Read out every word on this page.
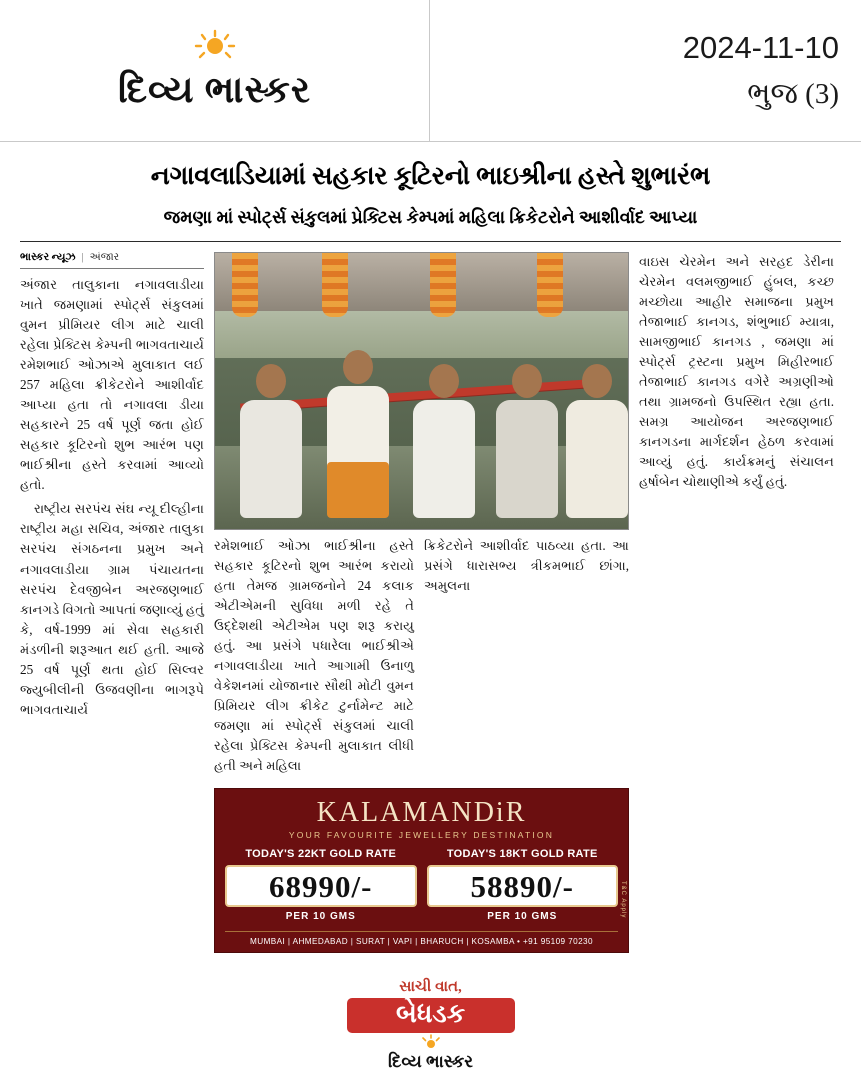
દિવ્ય ભાસ્કર
2024-11-10
ભુજ (3)
નગાવલાડિયામાં સહકાર કૂટિરનો ભાઇશ્રીના હસ્તે શુભારંભ
જમણા માં સ્પોર્ટ્સ સંકુલમાં પ્રેક્ટિસ કેમ્પમાં મહિલા ક્રિકેટરોને આશીર્વાદ આપ્યા
ભાસ્કર ન્યૂઝ | અંજાર

અંજાર તાલુકાના નગાવલાડીયા ખાતે જમણામાં સ્પોર્ટ્સ સંકુલમાં વુમન પ્રીમિયર લીગ માટે ચાલી રહેલા પ્રેક્ટિસ કેમ્પની ભાગવતાચાર્ય રમેશભાઈ ઓઝાએ મુલાકાત લઈ 257 મહિલા ક્રીકેટરોને આશીર્વાદ આપ્યા હતા તો નગાવલા ડીયા સહકારને 25 વર્ષ પૂર્ણ જતા હોઈ સહકાર કૂટિરનો શુભ આરંભ પણ ભાઈશ્રીના હસ્તે કરવામાં આવ્યો હતો.

રાષ્ટ્રીય સરપંચ સંઘ ન્યૂ દીલ્હીના રાષ્ટ્રીય મહા સચિવ, અંજાર તાલુકા સરપંચ સંગઠનના પ્રમુખ અને નગાવલાડીયા ગ્રામ પંચાયતના સરપંચ દેવજીબેન અરજણભાઈ કાનગડે વિગતો આપતાં જણાવ્યું હતું કે, વર્ષ-1999 માં સેવા સહકારી મંડળીની શરૂઆત થઈ હતી. આજે 25 વર્ષ પૂર્ણ થતા હોઈ સિલ્વર જ્યુબીલીની ઉજવણીના ભાગરૂપે ભાગવતાચાર્ય

રમેશભાઈ ઓઝા ભાઈશ્રીના હસ્તે સહકાર કૂટિરનો શુભ આરંભ કરાયો હતા તેમજ ગ્રામજનોને 24 કલાક એટીએમની સુવિધા મળી રહે તે ઉદ્દેશથી એટીએમ પણ શરૂ કરાયુ હતું. આ પ્રસંગે પધારેલા ભાઈશ્રીએ નગાવલાડીયા ખાતે આગામી ઉનાળુ વેકેશનમાં યોજાનાર સૌથી મોટી વુમન પ્રિમિયર લીગ ક્રીકેટ ટુર્નામેન્ટ માટે જમણા માં સ્પોર્ટ્સ સંકુલમાં ચાલી રહેલા પ્રેક્ટિસ કેમ્પની મુલાકાત લીધી હતી અને મહિલા

ક્રિકેટરોને આશીર્વાદ પાઠવ્યા હતા. આ પ્રસંગે ધારાસભ્ય ત્રીકમભાઈ છાંગા, અમુલના

KALAMANDiR
YOUR FAVOURITE JEWELLERY DESTINATION
TODAY'S 22KT GOLD RATE
68990/-
PER 10 GMS
TODAY'S 18KT GOLD RATE
58890/-
PER 10 GMS	T&C Apply
MUMBAI | AHMEDABAD | SURAT | VAPI | BHARUCH | KOSAMBA • +91 95109 70230

વાઇસ ચેરમેન અને સરહદ ડેરીના ચેરમેન વલમજીભાઈ હુંબલ, કચ્છ મચ્છોયા આહીર સમાજના પ્રમુખ તેજાભાઈ કાનગડ, શંભુભાઈ મ્યાત્રા, સામજીભાઈ કાનગડ , જમણા માં સ્પોર્ટ્સ ટ્રસ્ટના પ્રમુખ મિહીરભાઈ તેજાભાઈ કાનગડ વગેરે અગ્રણીઓ તથા ગ્રામજનો ઉપસ્થિત રહ્યા હતા. સમગ્ર આયોજન અરજણભાઈ કાનગડના માર્ગદર્શન હેઠળ કરવામાં આવ્યું હતું. કાર્યક્રમનું સંચાલન હર્ષાબેન ચોથાણીએ કર્યું હતું.

સાચી વાત,
બેધડક
દિવ્ય ભાસ્કર
